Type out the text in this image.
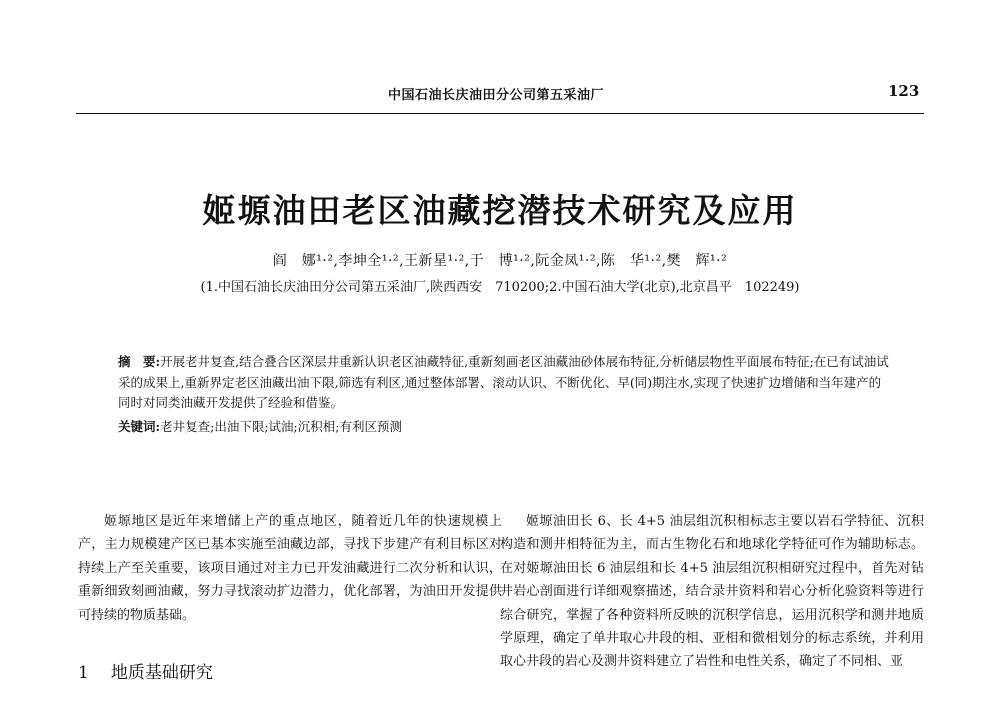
中国石油长庆油田分公司第五采油厂	123
姬塬油田老区油藏挖潜技术研究及应用
阎　娜¹·²,李坤全¹·²,王新星¹·²,于　博¹·²,阮金凤¹·²,陈　华¹·²,樊　辉¹·²
(1.中国石油长庆油田分公司第五采油厂,陕西西安　710200;2.中国石油大学(北京),北京昌平　102249)

摘　要:开展老井复查,结合叠合区深层井重新认识老区油藏特征,重新刻画老区油藏油砂体展布特征,分析储层物性平面展布特征;在已有试油试采的成果上,重新界定老区油藏出油下限,筛选有利区,通过整体部署、滚动认识、不断优化、早(同)期注水,实现了快速扩边增储和当年建产的同时对同类油藏开发提供了经验和借鉴。

关键词:老井复查;出油下限;试油;沉积相;有利区预测

姬塬地区是近年来增储上产的重点地区，随着近几年的快速规模上产，主力规模建产区已基本实施至油藏边部，寻找下步建产有利目标区对持续上产至关重要，该项目通过对主力已开发油藏进行二次分析和认识，重新细致刻画油藏，努力寻找滚动扩边潜力，优化部署，为油田开发提供可持续的物质基础。

1 地质基础研究

姬塬油田长 6、长 4+5 油层组沉积相标志主要以岩石学特征、沉积构造和测井相特征为主，而古生物化石和地球化学特征可作为辅助标志。在对姬塬油田长 6 油层组和长 4+5 油层组沉积相研究过程中，首先对钻井岩心剖面进行详细观察描述，结合录井资料和岩心分析化验资料等进行综合研究，掌握了各种资料所反映的沉积学信息，运用沉积学和测井地质学原理，确定了单井取心井段的相、亚相和微相划分的标志系统，并利用取心井段的岩心及测井资料建立了岩性和电性关系，确定了不同相、亚
